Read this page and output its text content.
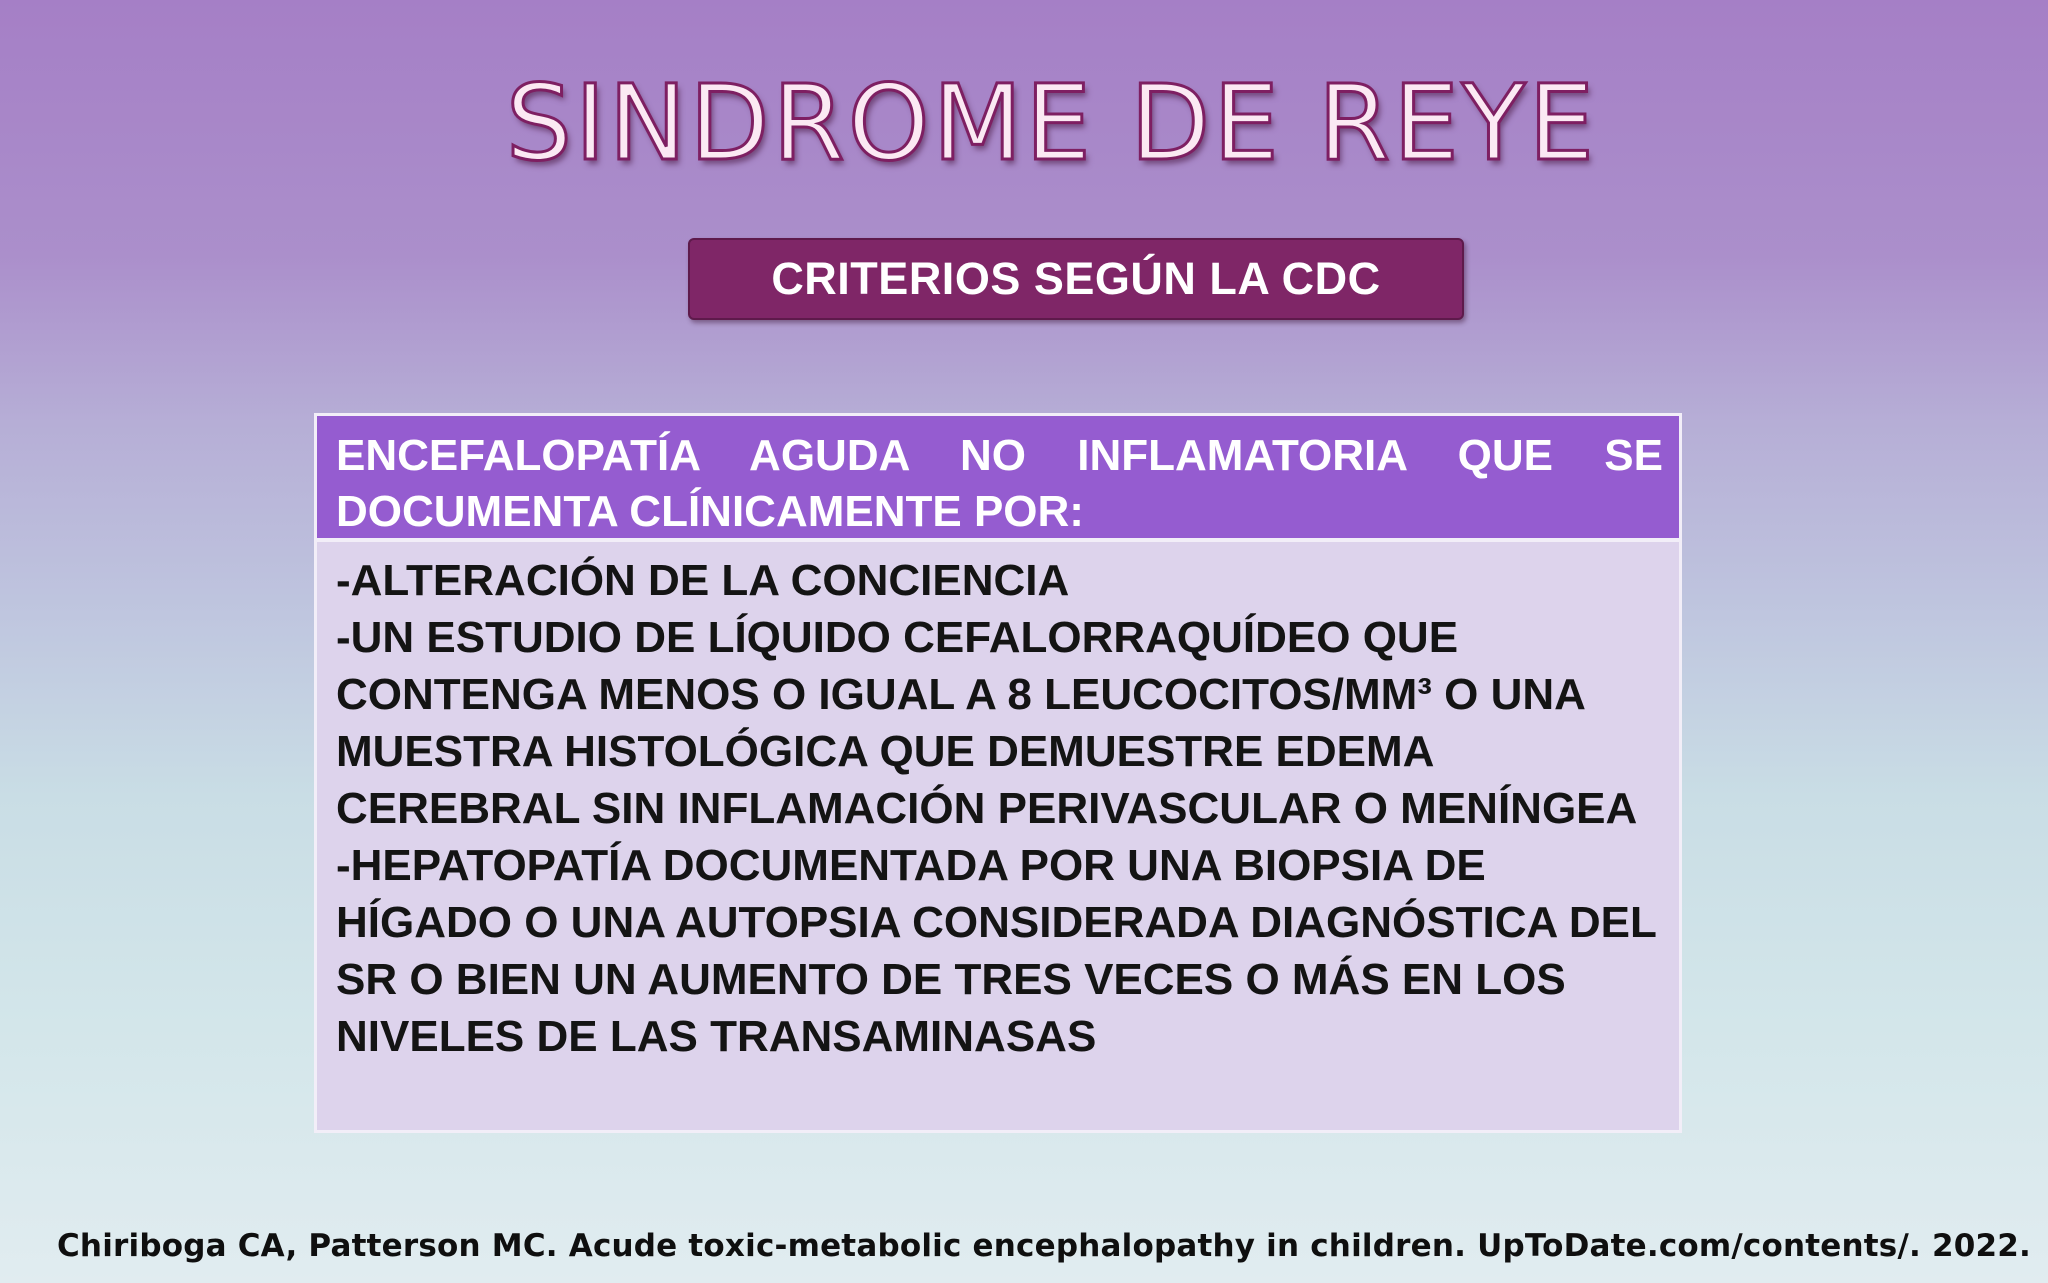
SINDROME DE REYE
CRITERIOS SEGÚN LA CDC
ENCEFALOPATÍA AGUDA NO INFLAMATORIA QUE SE DOCUMENTA CLÍNICAMENTE POR:
-ALTERACIÓN DE LA CONCIENCIA
-UN ESTUDIO DE LÍQUIDO CEFALORRAQUÍDEO QUE CONTENGA MENOS O IGUAL A 8 LEUCOCITOS/MM³ O UNA MUESTRA HISTOLÓGICA QUE DEMUESTRE EDEMA CEREBRAL SIN INFLAMACIÓN PERIVASCULAR O MENÍNGEA
-HEPATOPATÍA DOCUMENTADA POR UNA BIOPSIA DE HÍGADO O UNA AUTOPSIA CONSIDERADA DIAGNÓSTICA DEL SR O BIEN UN AUMENTO DE TRES VECES O MÁS EN LOS NIVELES DE LAS TRANSAMINASAS
Chiriboga CA, Patterson MC. Acude toxic-metabolic encephalopathy in children. UpToDate.com/contents/. 2022.
